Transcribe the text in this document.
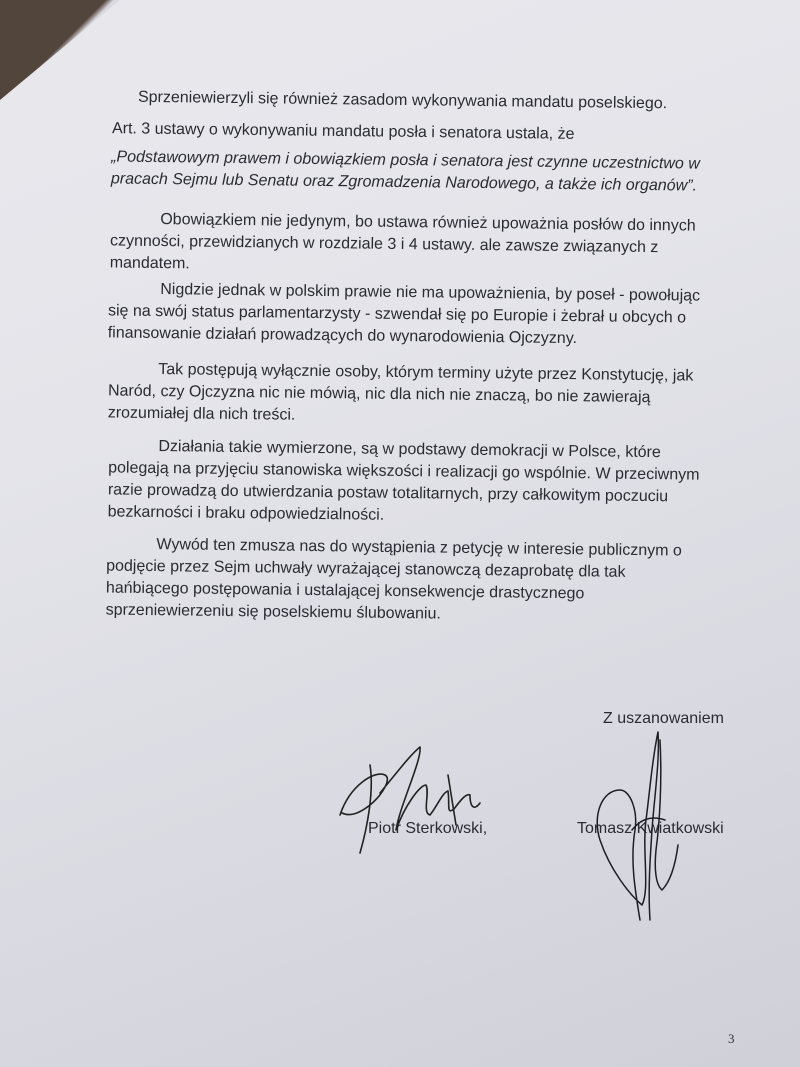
Sprzeniewierzyli się również zasadom wykonywania mandatu poselskiego.

Art. 3 ustawy o wykonywaniu mandatu posła i senatora ustala, że

„Podstawowym prawem i obowiązkiem posła i senatora jest czynne uczestnictwo w
pracach Sejmu lub Senatu oraz Zgromadzenia Narodowego, a także ich organów”.

Obowiązkiem nie jedynym, bo ustawa również upoważnia posłów do innych
czynności, przewidzianych w rozdziale 3 i 4 ustawy. ale zawsze związanych z
mandatem.

Nigdzie jednak w polskim prawie nie ma upoważnienia, by poseł - powołując
się na swój status parlamentarzysty - szwendał się po Europie i żebrał u obcych o
finansowanie działań prowadzących do wynarodowienia Ojczyzny.

Tak postępują wyłącznie osoby, którym terminy użyte przez Konstytucję, jak
Naród, czy Ojczyzna nic nie mówią, nic dla nich nie znaczą, bo nie zawierają
zrozumiałej dla nich treści.

Działania takie wymierzone, są w podstawy demokracji w Polsce, które
polegają na przyjęciu stanowiska większości i realizacji go wspólnie. W przeciwnym
razie prowadzą do utwierdzania postaw totalitarnych, przy całkowitym poczuciu
bezkarności i braku odpowiedzialności.

Wywód ten zmusza nas do wystąpienia z petycję w interesie publicznym o
podjęcie przez Sejm uchwały wyrażającej stanowczą dezaprobatę dla tak
hańbiącego postępowania i ustalającej konsekwencje drastycznego
sprzeniewierzeniu się poselskiemu ślubowaniu.

Z uszanowaniem
Piotr Sterkowski,	Tomasz Kwiatkowski
3
